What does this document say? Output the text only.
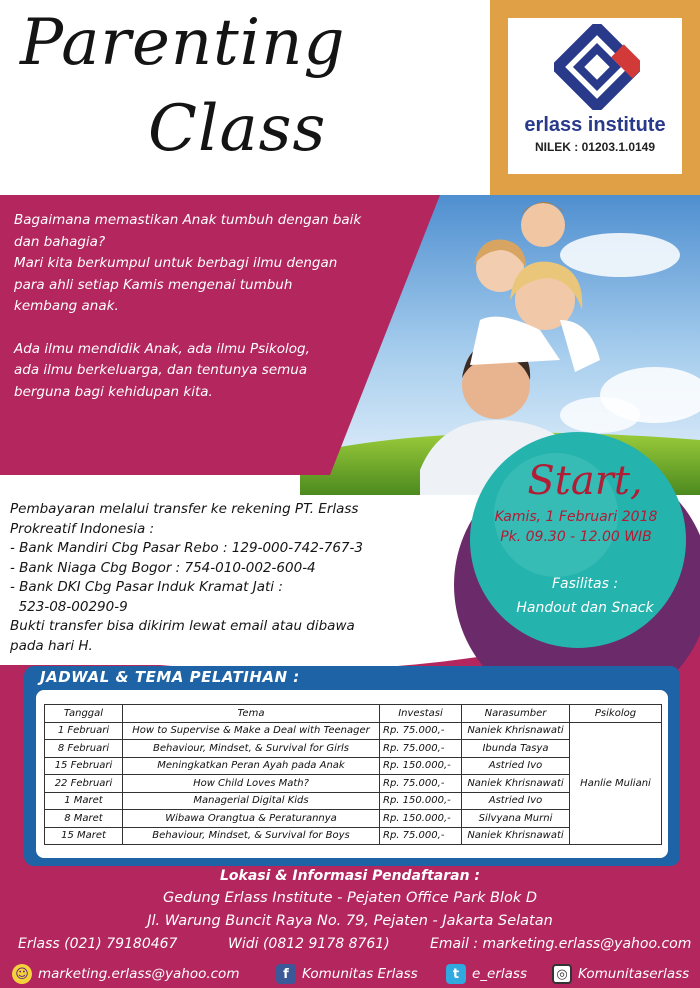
Parenting
Class	erlass institute
NILEK : 01203.1.0149

Bagaimana memastikan Anak tumbuh dengan baik

dan bahagia?

Mari kita berkumpul untuk berbagi ilmu dengan

para ahli setiap Kamis mengenai tumbuh

kembang anak.

Ada ilmu mendidik Anak, ada ilmu Psikolog,

ada ilmu berkeluarga, dan tentunya semua

berguna bagi kehidupan kita.

Pembayaran melalui transfer ke rekening PT. Erlass
Prokreatif Indonesia :
- Bank Mandiri Cbg Pasar Rebo : 129-000-742-767-3
- Bank Niaga Cbg Bogor : 754-010-002-600-4
- Bank DKI Cbg Pasar Induk Kramat Jati :
523-08-00290-9
Bukti transfer bisa dikirim lewat email atau dibawa
pada hari H.
Start,
Kamis, 1 Februari 2018
Pk. 09.30 - 12.00 WIB
Fasilitas :
Handout dan Snack
JADWAL & TEMA PELATIHAN :
Tanggal	Tema	Investasi	Narasumber	Psikolog
1 Februari	How to Supervise & Make a Deal with Teenager	Rp. 75.000,-	Naniek Khrisnawati	Hanlie Muliani
8 Februari	Behaviour, Mindset, & Survival for Girls	Rp. 75.000,-	Ibunda Tasya	
15 Februari	Meningkatkan Peran Ayah pada Anak	Rp. 150.000,-	Astried Ivo	
22 Februari	How Child Loves Math?	Rp. 75.000,-	Naniek Khrisnawati	
1 Maret	Managerial Digital Kids	Rp. 150.000,-	Astried Ivo	
8 Maret	Wibawa Orangtua & Peraturannya	Rp. 150.000,-	Silvyana Murni	
15 Maret	Behaviour, Mindset, & Survival for Boys	Rp. 75.000,-	Naniek Khrisnawati	
Lokasi & Informasi Pendaftaran :
Gedung Erlass Institute - Pejaten Office Park Blok D
Jl. Warung Buncit Raya No. 79, Pejaten - Jakarta Selatan
Erlass (021) 79180467	Widi (0812 9178 8761)	Email : marketing.erlass@yahoo.com
☺ marketing.erlass@yahoo.com	f Komunitas Erlass	t e_erlass	◎ Komunitaserlass
